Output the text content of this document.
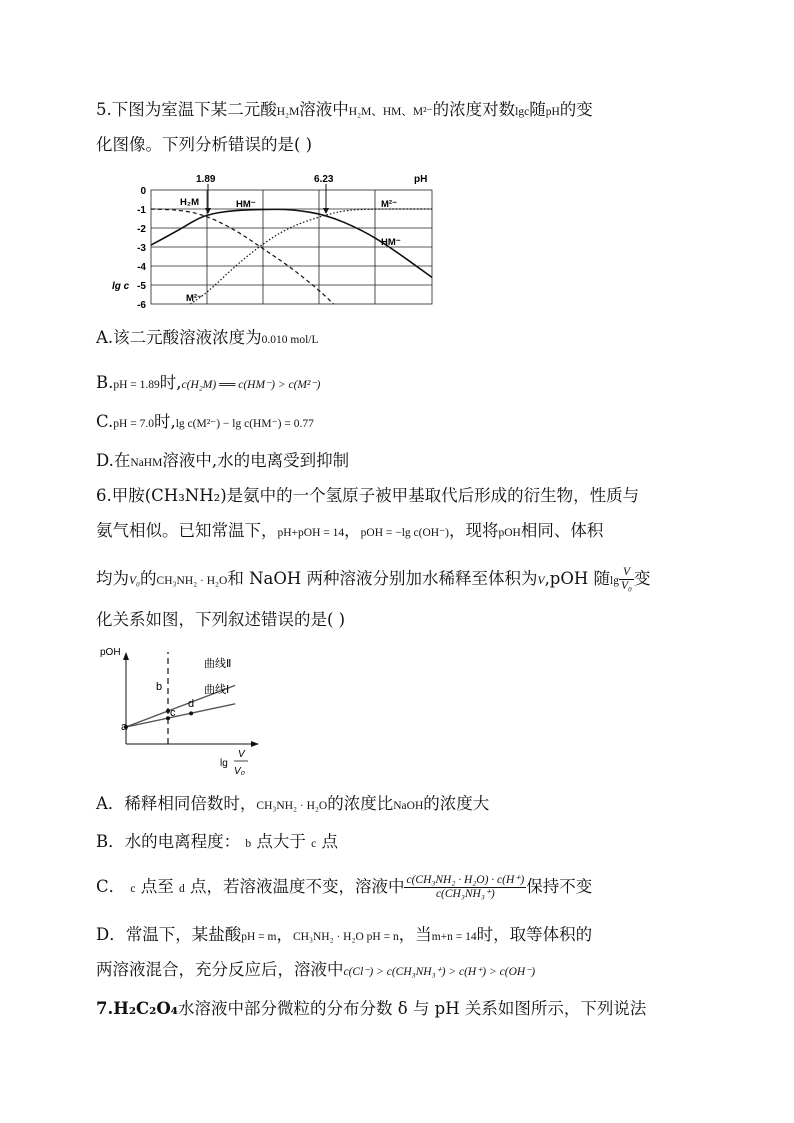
5.下图为室温下某二元酸H₂M溶液中H₂M、HM、M²⁻的浓度对数lgc随pH的变
化图像。下列分析错误的是( )
0
-1
-2
-3
-4
-5
-6
lg c
pH
1.89	6.23
H₂M	HM⁻	M²⁻
HM⁻
M²⁻
A.该二元酸溶液浓度为0.010 mol/L
B.pH = 1.89时,c(H₂M) ══ c(HM⁻) > c(M²⁻)
C.pH = 7.0时,lg c(M²⁻) − lg c(HM⁻) = 0.77
D.在NaHM溶液中,水的电离受到抑制
6.甲胺(CH₃NH₂)是氨中的一个氢原子被甲基取代后形成的衍生物，性质与
氨气相似。已知常温下，pH+pOH = 14，pOH = −lg c(OH⁻)，现将pOH相同、体积
均为V₀的CH₃NH₂ · H₂O和 NaOH 两种溶液分别加水稀释至体积为V,pOH 随$\lg \frac{V}{\text{V₀}}$ 变
化关系如图，下列叙述错误的是( )
pOH
曲线Ⅱ
曲线Ⅰ
a
b
c
d
lg
V
V₀
A．稀释相同倍数时，CH₃NH₂ · H₂O的浓度比NaOH的浓度大
B．水的电离程度： b 点大于 c 点
C． c 点至 d 点，若溶液温度不变，溶液中 $\frac{\text{c(CH₃NH₂ · H₂O) · c(H⁺)}}{\text{c(CH₃NH₃⁺)}}$ 保持不变
D．常温下，某盐酸pH = m，CH₃NH₂ · H₂O pH = n，当m+n = 14时，取等体积的
两溶液混合，充分反应后，溶液中c(Cl⁻) > c(CH₃NH₃⁺) > c(H⁺) > c(OH⁻)
7.H₂C₂O₄水溶液中部分微粒的分布分数 δ 与 pH 关系如图所示，下列说法
